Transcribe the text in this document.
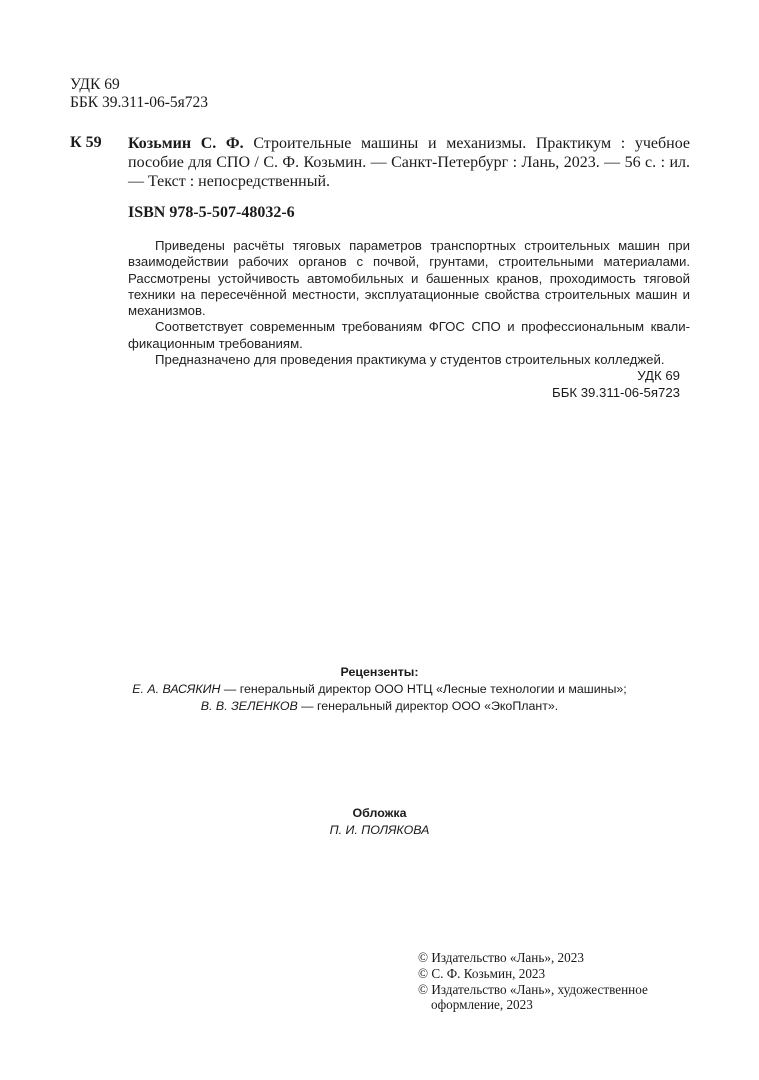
УДК 69
ББК 39.311-06-5я723
К 59 Козьмин С. Ф. Строительные машины и механизмы. Практикум : учебное пособие для СПО / С. Ф. Козьмин. — Санкт-Петербург : Лань, 2023. — 56 с. : ил. — Текст : непосредственный.
ISBN 978-5-507-48032-6

Приведены расчёты тяговых параметров транспортных строительных машин при взаимодействии рабочих органов с почвой, грунтами, строительными материалами. Рассмотрены устойчивость автомобильных и башенных кранов, проходимость тяговой техники на пересечённой местности, эксплуатационные свойства строительных машин и механизмов.

Соответствует современным требованиям ФГОС СПО и профессиональным квали-фикационным требованиям.

Предназначено для проведения практикума у студентов строительных колледжей.

УДК 69
ББК 39.311-06-5я723
Рецензенты:
Е. А. ВАСЯКИН — генеральный директор ООО НТЦ «Лесные технологии и машины»;
В. В. ЗЕЛЕНКОВ — генеральный директор ООО «ЭкоПлант».
Обложка
П. И. ПОЛЯКОВА
© Издательство «Лань», 2023
© С. Ф. Козьмин, 2023
© Издательство «Лань», художественное оформление, 2023
